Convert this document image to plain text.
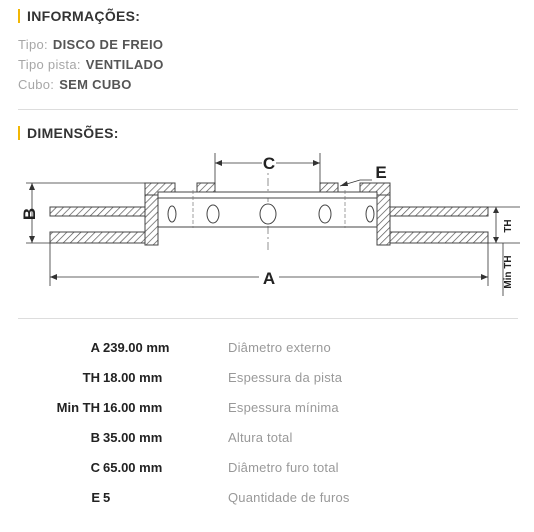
INFORMAÇÕES:
Tipo: DISCO DE FREIO
Tipo pista: VENTILADO
Cubo: SEM CUBO
DIMENSÕES:
C	E
B
A
TH
Min TH
A 239.00 mm	Diâmetro externo
TH 18.00 mm	Espessura da pista
Min TH 16.00 mm	Espessura mínima
B 35.00 mm	Altura total
C 65.00 mm	Diâmetro furo total
E 5	Quantidade de furos
